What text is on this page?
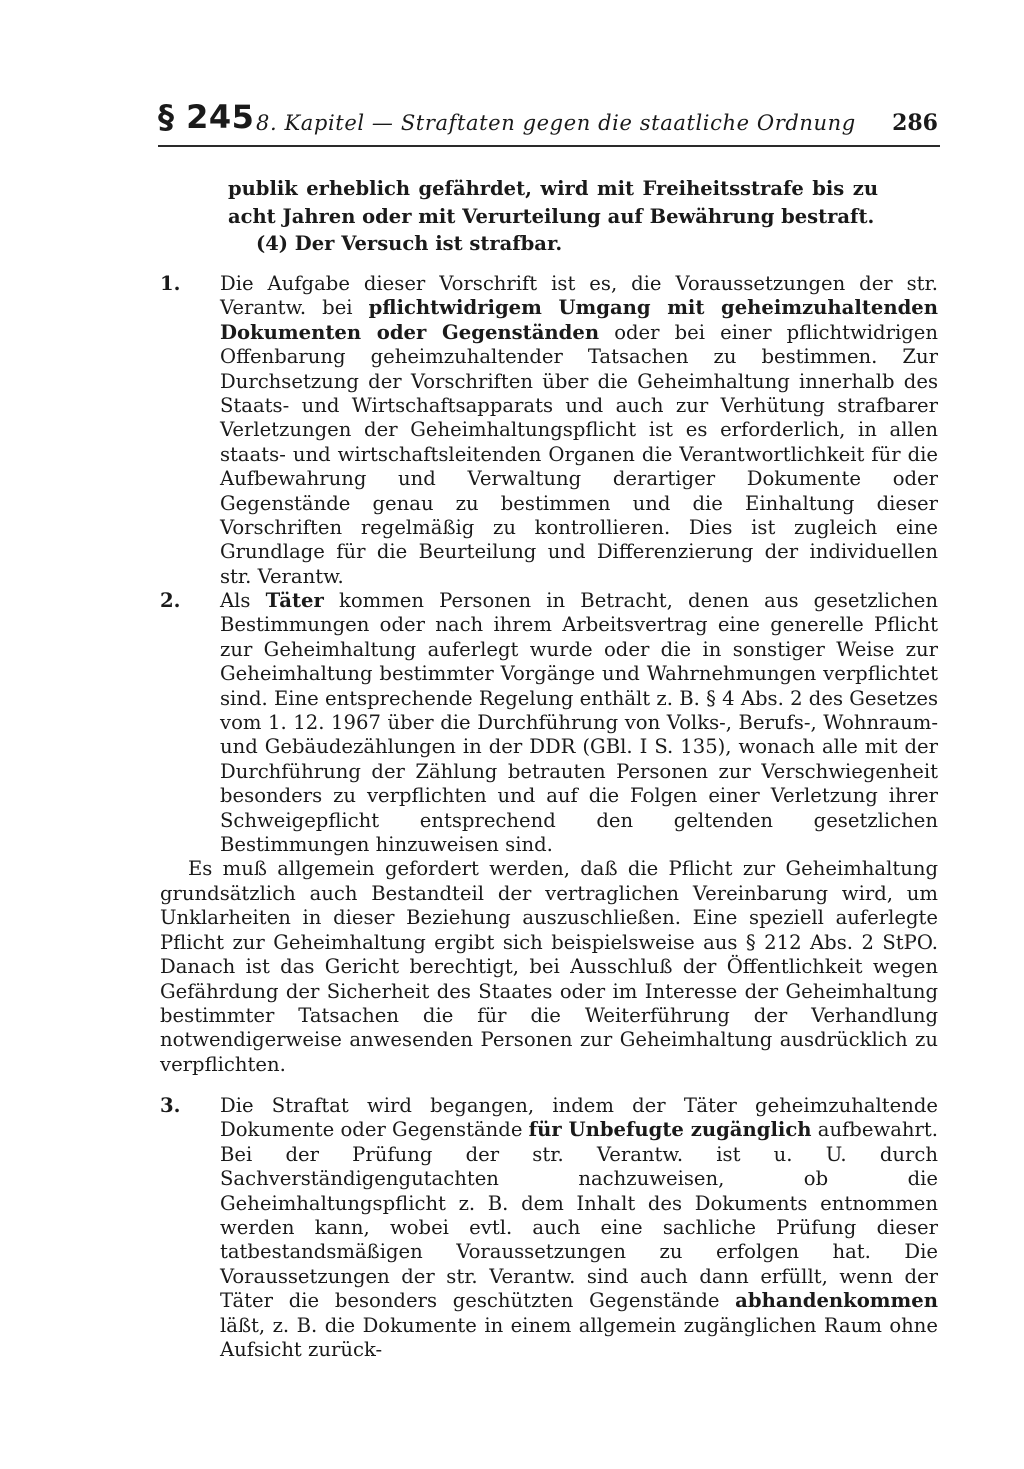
§ 245 8. Kapitel — Straftaten gegen die staatliche Ordnung 286

publik erheblich gefährdet, wird mit Freiheitsstrafe bis zu acht Jahren oder mit Verurteilung auf Bewährung bestraft.

(4) Der Versuch ist strafbar.

1. Die Aufgabe dieser Vorschrift ist es, die Voraussetzungen der str. Verantw. bei pflichtwidrigem Umgang mit geheimzuhaltenden Dokumenten oder Gegenständen oder bei einer pflichtwidrigen Offenbarung geheimzuhaltender Tatsachen zu bestimmen. Zur Durchsetzung der Vorschriften über die Geheimhaltung innerhalb des Staats- und Wirtschaftsapparats und auch zur Verhütung strafbarer Verletzungen der Geheimhaltungspflicht ist es erforderlich, in allen staats- und wirtschaftsleitenden Organen die Verantwortlichkeit für die Aufbewahrung und Verwaltung derartiger Dokumente oder Gegenstände genau zu bestimmen und die Einhaltung dieser Vorschriften regelmäßig zu kontrollieren. Dies ist zugleich eine Grundlage für die Beurteilung und Differenzierung der individuellen str. Verantw.

2. Als Täter kommen Personen in Betracht, denen aus gesetzlichen Bestimmungen oder nach ihrem Arbeitsvertrag eine generelle Pflicht zur Geheimhaltung auferlegt wurde oder die in sonstiger Weise zur Geheimhaltung bestimmter Vorgänge und Wahrnehmungen verpflichtet sind. Eine entsprechende Regelung enthält z. B. § 4 Abs. 2 des Gesetzes vom 1. 12. 1967 über die Durchführung von Volks-, Berufs-, Wohnraum- und Gebäudezählungen in der DDR (GBl. I S. 135), wonach alle mit der Durchführung der Zählung betrauten Personen zur Verschwiegenheit besonders zu verpflichten und auf die Folgen einer Verletzung ihrer Schweigepflicht entsprechend den geltenden gesetzlichen Bestimmungen hinzuweisen sind.

Es muß allgemein gefordert werden, daß die Pflicht zur Geheimhaltung grundsätzlich auch Bestandteil der vertraglichen Vereinbarung wird, um Unklarheiten in dieser Beziehung auszuschließen. Eine speziell auferlegte Pflicht zur Geheimhaltung ergibt sich beispielsweise aus § 212 Abs. 2 StPO. Danach ist das Gericht berechtigt, bei Ausschluß der Öffentlichkeit wegen Gefährdung der Sicherheit des Staates oder im Interesse der Geheimhaltung bestimmter Tatsachen die für die Weiterführung der Verhandlung notwendigerweise anwesenden Personen zur Geheimhaltung ausdrücklich zu verpflichten.

3. Die Straftat wird begangen, indem der Täter geheimzuhaltende Dokumente oder Gegenstände für Unbefugte zugänglich aufbewahrt. Bei der Prüfung der str. Verantw. ist u. U. durch Sachverständigengutachten nachzuweisen, ob die Geheimhaltungspflicht z. B. dem Inhalt des Dokuments entnommen werden kann, wobei evtl. auch eine sachliche Prüfung dieser tatbestandsmäßigen Voraussetzungen zu erfolgen hat. Die Voraussetzungen der str. Verantw. sind auch dann erfüllt, wenn der Täter die besonders geschützten Gegenstände abhandenkommen läßt, z. B. die Dokumente in einem allgemein zugänglichen Raum ohne Aufsicht zurück-
